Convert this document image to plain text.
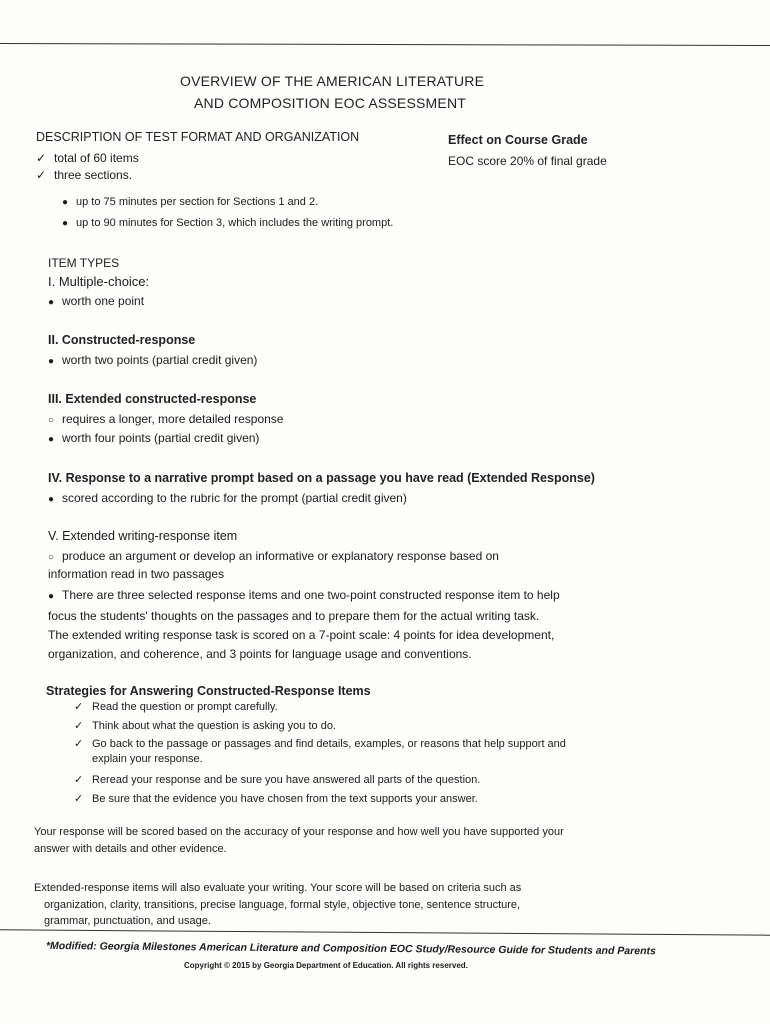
OVERVIEW OF THE AMERICAN LITERATURE
AND COMPOSITION EOC ASSESSMENT
DESCRIPTION OF TEST FORMAT AND ORGANIZATION
✓ total of 60 items
✓ three sections.
● up to 75 minutes per section for Sections 1 and 2.
● up to 90 minutes for Section 3, which includes the writing prompt.
Effect on Course Grade
EOC score 20% of final grade
ITEM TYPES
I. Multiple-choice:
● worth one point
II. Constructed-response
● worth two points (partial credit given)
III. Extended constructed-response
○ requires a longer, more detailed response
● worth four points (partial credit given)
IV. Response to a narrative prompt based on a passage you have read (Extended Response)
● scored according to the rubric for the prompt (partial credit given)
V. Extended writing-response item
○ produce an argument or develop an informative or explanatory response based on
information read in two passages
● There are three selected response items and one two-point constructed response item to help
focus the students' thoughts on the passages and to prepare them for the actual writing task.
The extended writing response task is scored on a 7-point scale: 4 points for idea development,
organization, and coherence, and 3 points for language usage and conventions.
Strategies for Answering Constructed-Response Items
✓ Read the question or prompt carefully.
✓ Think about what the question is asking you to do.
✓ Go back to the passage or passages and find details, examples, or reasons that help support and
explain your response.
✓ Reread your response and be sure you have answered all parts of the question.
✓ Be sure that the evidence you have chosen from the text supports your answer.
Your response will be scored based on the accuracy of your response and how well you have supported your
answer with details and other evidence.
Extended-response items will also evaluate your writing. Your score will be based on criteria such as
organization, clarity, transitions, precise language, formal style, objective tone, sentence structure,
grammar, punctuation, and usage.
*Modified: Georgia Milestones American Literature and Composition EOC Study/Resource Guide for Students and Parents
Copyright © 2015 by Georgia Department of Education. All rights reserved.
